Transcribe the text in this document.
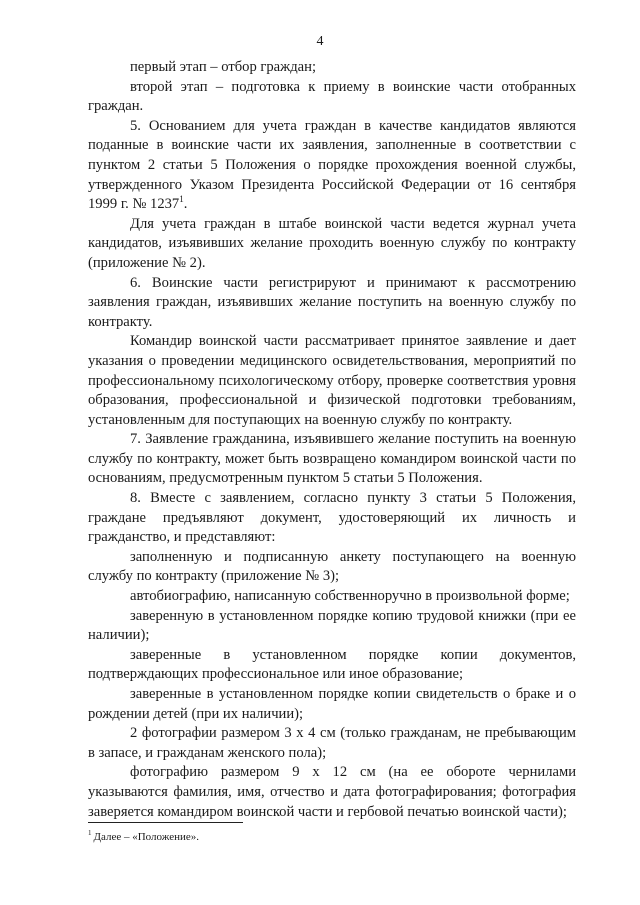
4

первый этап – отбор граждан;

второй этап – подготовка к приему в воинские части отобранных граждан.

5. Основанием для учета граждан в качестве кандидатов являются поданные в воинские части их заявления, заполненные в соответствии с пунктом 2 статьи 5 Положения о порядке прохождения военной службы, утвержденного Указом Президента Российской Федерации от 16 сентября 1999 г. № 1237$^1$.

Для учета граждан в штабе воинской части ведется журнал учета кандидатов, изъявивших желание проходить военную службу по контракту (приложение № 2).

6. Воинские части регистрируют и принимают к рассмотрению заявления граждан, изъявивших желание поступить на военную службу по контракту.

Командир воинской части рассматривает принятое заявление и дает указания о проведении медицинского освидетельствования, мероприятий по профессиональному психологическому отбору, проверке соответствия уровня образования, профессиональной и физической подготовки требованиям, установленным для поступающих на военную службу по контракту.

7. Заявление гражданина, изъявившего желание поступить на военную службу по контракту, может быть возвращено командиром воинской части по основаниям, предусмотренным пунктом 5 статьи 5 Положения.

8. Вместе с заявлением, согласно пункту 3 статьи 5 Положения, граждане предъявляют документ, удостоверяющий их личность и гражданство, и представляют:

заполненную и подписанную анкету поступающего на военную службу по контракту (приложение № 3);

автобиографию, написанную собственноручно в произвольной форме;

заверенную в установленном порядке копию трудовой книжки (при ее наличии);

заверенные в установленном порядке копии документов, подтверждающих профессиональное или иное образование;

заверенные в установленном порядке копии свидетельств о браке и о рождении детей (при их наличии);

2 фотографии размером 3 х 4 см (только гражданам, не пребывающим в запасе, и гражданам женского пола);

фотографию размером 9 х 12 см (на ее обороте чернилами указываются фамилия, имя, отчество и дата фотографирования; фотография заверяется командиром воинской части и гербовой печатью воинской части);

$^1$ Далее – «Положение».
